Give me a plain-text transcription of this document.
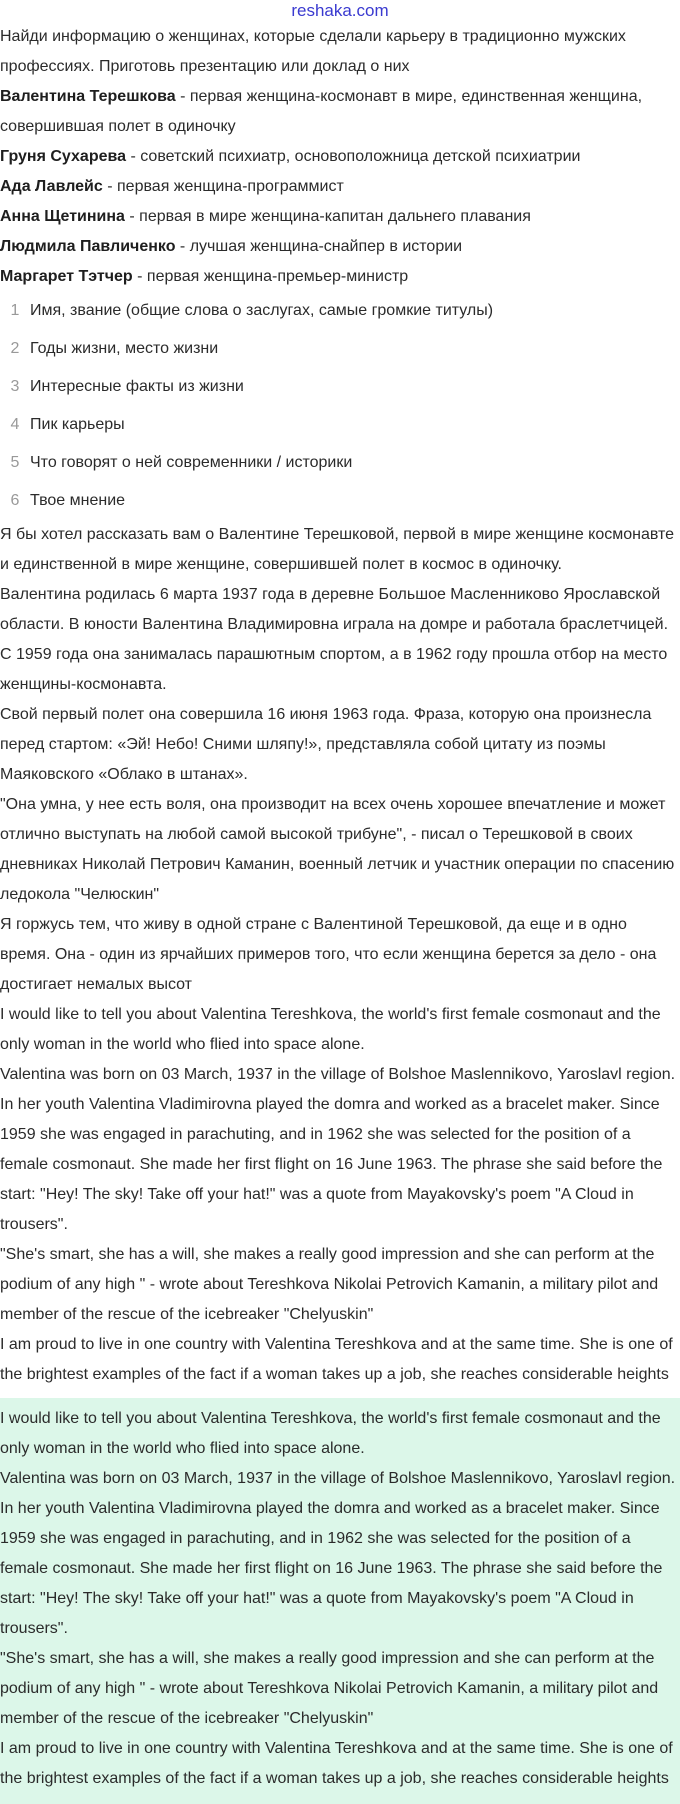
reshaka.com

Найди информацию о женщинах, которые сделали карьеру в традиционно мужских профессиях. Приготовь презентацию или доклад о них

Валентина Терешкова - первая женщина-космонавт в мире, единственная женщина, совершившая полет в одиночку

Груня Сухарева - советский психиатр, основоположница детской психиатрии

Ада Лавлейс - первая женщина-программист

Анна Щетинина - первая в мире женщина-капитан дальнего плавания

Людмила Павличенко - лучшая женщина-снайпер в истории

Маргарет Тэтчер - первая женщина-премьер-министр

1 Имя, звание (общие слова о заслугах, самые громкие титулы)
2 Годы жизни, место жизни
3 Интересные факты из жизни
4 Пик карьеры
5 Что говорят о ней современники / историки
6 Твое мнение

Я бы хотел рассказать вам о Валентине Терешковой, первой в мире женщине космонавте и единственной в мире женщине, совершившей полет в космос в одиночку.

Валентина родилась 6 марта 1937 года в деревне Большое Масленниково Ярославской области. В юности Валентина Владимировна играла на домре и работала браслетчицей. С 1959 года она занималась парашютным спортом, а в 1962 году прошла отбор на место женщины-космонавта.

Свой первый полет она совершила 16 июня 1963 года. Фраза, которую она произнесла перед стартом: «Эй! Небо! Сними шляпу!», представляла собой цитату из поэмы Маяковского «Облако в штанах».

"Она умна, у нее есть воля, она производит на всех очень хорошее впечатление и может отлично выступать на любой самой высокой трибуне", - писал о Терешковой в своих дневниках Николай Петрович Каманин, военный летчик и участник операции по спасению ледокола "Челюскин"

Я горжусь тем, что живу в одной стране с Валентиной Терешковой, да еще и в одно время. Она - один из ярчайших примеров того, что если женщина берется за дело - она достигает немалых высот

I would like to tell you about Valentina Tereshkova, the world's first female cosmonaut and the only woman in the world who flied into space alone.

Valentina was born on 03 March, 1937 in the village of Bolshoe Maslennikovo, Yaroslavl region. In her youth Valentina Vladimirovna played the domra and worked as a bracelet maker. Since 1959 she was engaged in parachuting, and in 1962 she was selected for the position of a female cosmonaut. She made her first flight on 16 June 1963. The phrase she said before the start: "Hey! The sky! Take off your hat!" was a quote from Mayakovsky's poem "A Cloud in trousers".

"She's smart, she has a will, she makes a really good impression and she can perform at the podium of any high " - wrote about Tereshkova Nikolai Petrovich Kamanin, a military pilot and member of the rescue of the icebreaker "Chelyuskin"

I am proud to live in one country with Valentina Tereshkova and at the same time. She is one of the brightest examples of the fact if a woman takes up a job, she reaches considerable heights

I would like to tell you about Valentina Tereshkova, the world's first female cosmonaut and the only woman in the world who flied into space alone.

Valentina was born on 03 March, 1937 in the village of Bolshoe Maslennikovo, Yaroslavl region. In her youth Valentina Vladimirovna played the domra and worked as a bracelet maker. Since 1959 she was engaged in parachuting, and in 1962 she was selected for the position of a female cosmonaut. She made her first flight on 16 June 1963. The phrase she said before the start: "Hey! The sky! Take off your hat!" was a quote from Mayakovsky's poem "A Cloud in trousers".

"She's smart, she has a will, she makes a really good impression and she can perform at the podium of any high " - wrote about Tereshkova Nikolai Petrovich Kamanin, a military pilot and member of the rescue of the icebreaker "Chelyuskin"

I am proud to live in one country with Valentina Tereshkova and at the same time. She is one of the brightest examples of the fact if a woman takes up a job, she reaches considerable heights
